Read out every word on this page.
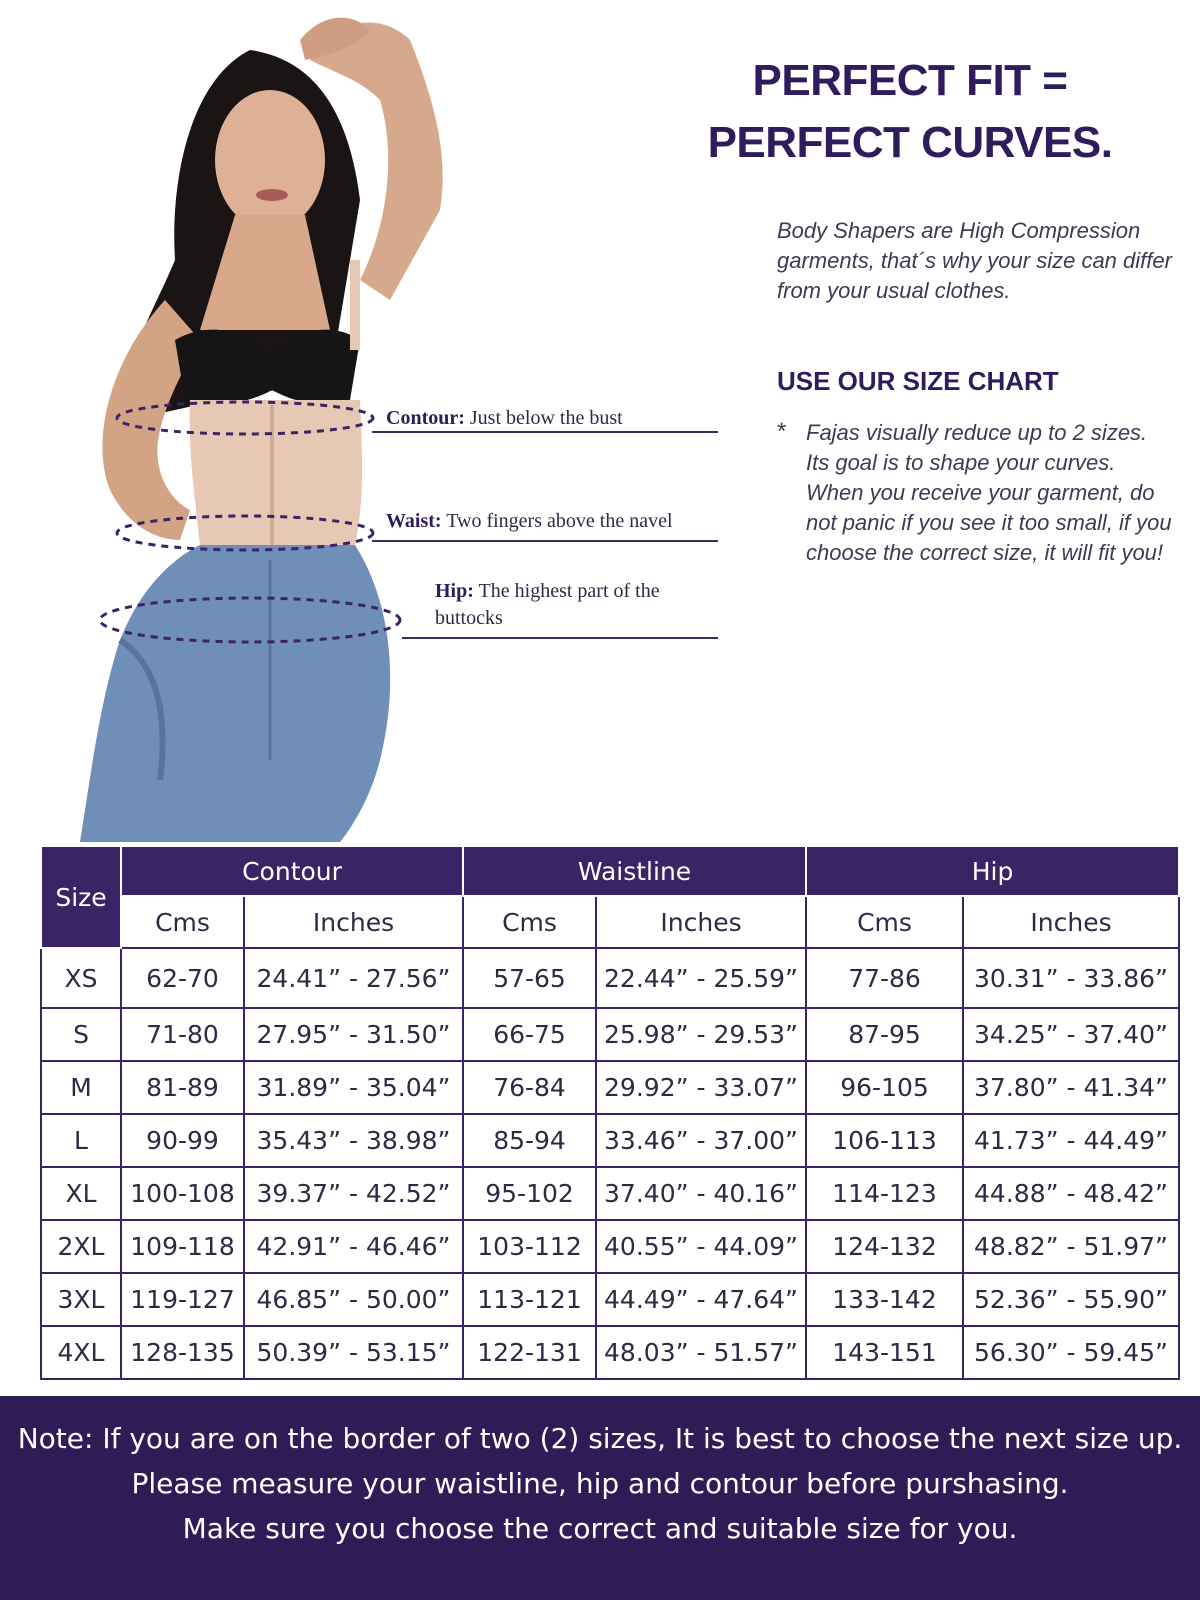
Contour: Just below the bust
Waist: Two fingers above the navel
Hip: The highest part of the
buttocks
PERFECT FIT =
PERFECT CURVES.
Body Shapers are High Compression garments, that´s why your size can differ from your usual clothes.
USE OUR SIZE CHART
* Fajas visually reduce up to 2 sizes. Its goal is to shape your curves. When you receive your garment, do not panic if you see it too small, if you choose the correct size, it will fit you!
Size	Contour		Waistline		Hip	
	Cms	Inches	Cms	Inches	Cms	Inches
XS	62-70	24.41” - 27.56”	57-65	22.44” - 25.59”	77-86	30.31” - 33.86”
S	71-80	27.95” - 31.50”	66-75	25.98” - 29.53”	87-95	34.25” - 37.40”
M	81-89	31.89” - 35.04”	76-84	29.92” - 33.07”	96-105	37.80” - 41.34”
L	90-99	35.43” - 38.98”	85-94	33.46” - 37.00”	106-113	41.73” - 44.49”
XL	100-108	39.37” - 42.52”	95-102	37.40” - 40.16”	114-123	44.88” - 48.42”
2XL	109-118	42.91” - 46.46”	103-112	40.55” - 44.09”	124-132	48.82” - 51.97”
3XL	119-127	46.85” - 50.00”	113-121	44.49” - 47.64”	133-142	52.36” - 55.90”
4XL	128-135	50.39” - 53.15”	122-131	48.03” - 51.57”	143-151	56.30” - 59.45”
Note: If you are on the border of two (2) sizes, It is best to choose the next size up.
Please measure your waistline, hip and contour before purshasing.
Make sure you choose the correct and suitable size for you.
